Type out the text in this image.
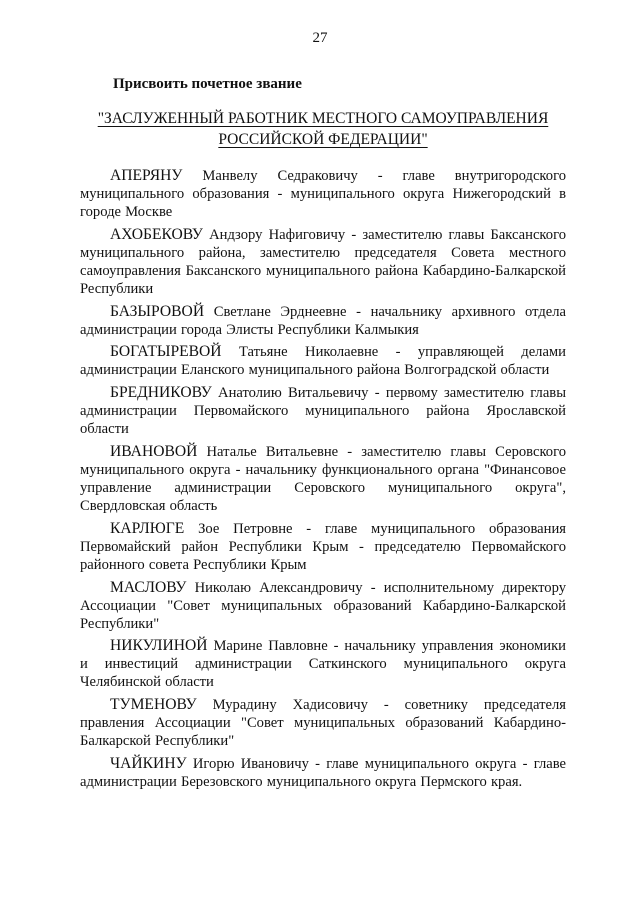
27
Присвоить почетное звание
"ЗАСЛУЖЕННЫЙ РАБОТНИК МЕСТНОГО САМОУПРАВЛЕНИЯ РОССИЙСКОЙ ФЕДЕРАЦИИ"

АПЕРЯНУ Манвелу Седраковичу - главе внутригородского муниципального образования - муниципального округа Нижегородский в городе Москве

АХОБЕКОВУ Андзору Нафиговичу - заместителю главы Баксанского муниципального района, заместителю председателя Совета местного самоуправления Баксанского муниципального района Кабардино-Балкарской Республики

БАЗЫРОВОЙ Светлане Эрднеевне - начальнику архивного отдела администрации города Элисты Республики Калмыкия

БОГАТЫРЕВОЙ Татьяне Николаевне - управляющей делами администрации Еланского муниципального района Волгоградской области

БРЕДНИКОВУ Анатолию Витальевичу - первому заместителю главы администрации Первомайского муниципального района Ярославской области

ИВАНОВОЙ Наталье Витальевне - заместителю главы Серовского муниципального округа - начальнику функционального органа "Финансовое управление администрации Серовского муниципального округа", Свердловская область

КАРЛЮГЕ Зое Петровне - главе муниципального образования Первомайский район Республики Крым - председателю Первомайского районного совета Республики Крым

МАСЛОВУ Николаю Александровичу - исполнительному директору Ассоциации "Совет муниципальных образований Кабардино-Балкарской Республики"

НИКУЛИНОЙ Марине Павловне - начальнику управления экономики и инвестиций администрации Саткинского муниципального округа Челябинской области

ТУМЕНОВУ Мурадину Хадисовичу - советнику председателя правления Ассоциации "Совет муниципальных образований Кабардино-Балкарской Республики"

ЧАЙКИНУ Игорю Ивановичу - главе муниципального округа - главе администрации Березовского муниципального округа Пермского края.
